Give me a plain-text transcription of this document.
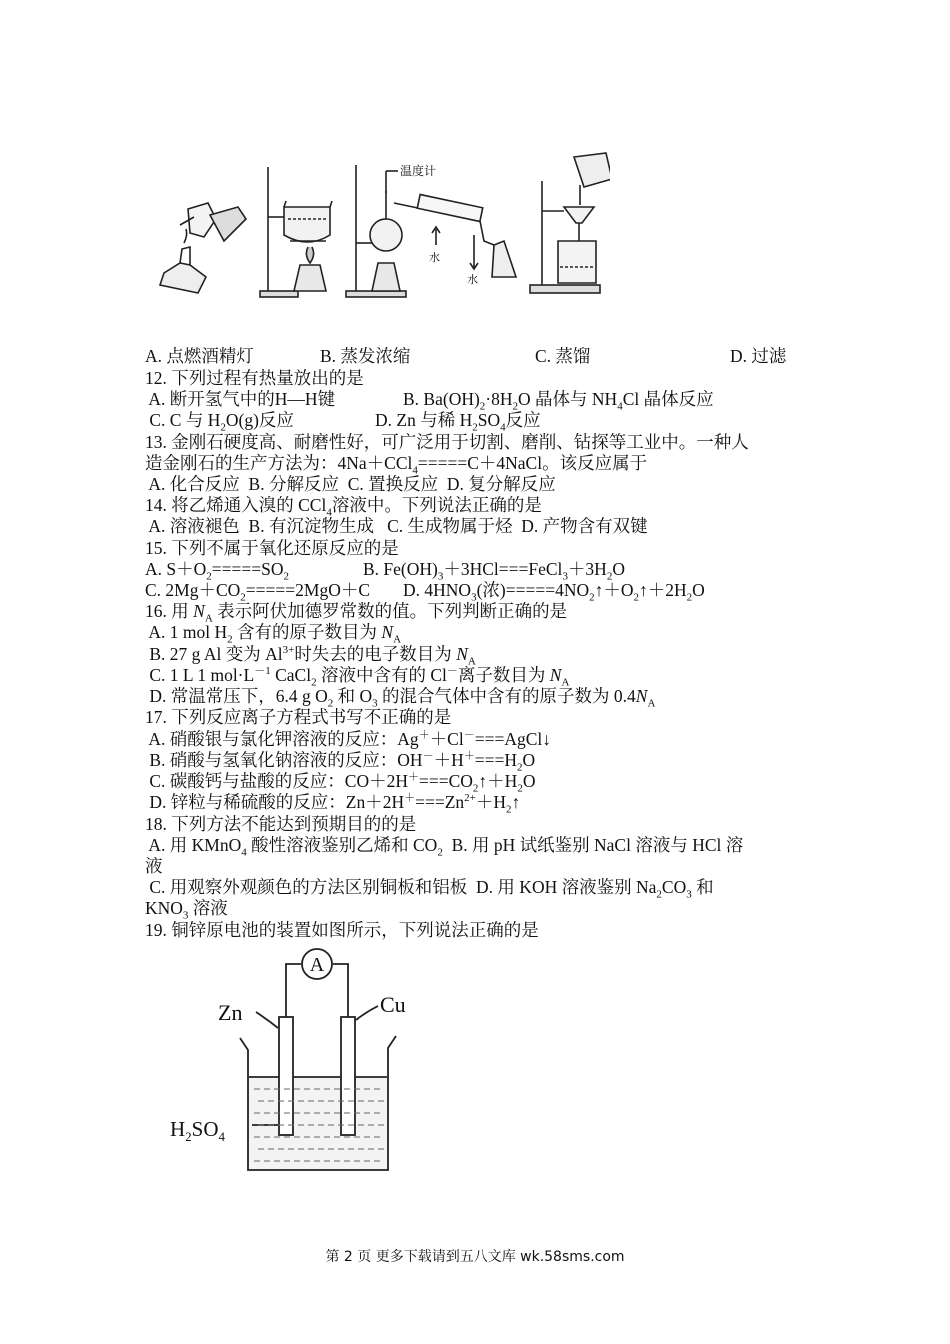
温度计
水
水
A. 点燃酒精灯	B. 蒸发浓缩	C. 蒸馏	D. 过滤
12. 下列过程有热量放出的是
A. 断开氢气中的H—H键	B. $Ba(OH)_2\cdot 8H_2O$ 晶体与 $NH_4Cl$ 晶体反应
C. C 与 $H_2O(g)$反应	D. Zn 与稀 $H_2SO_4$反应
13. 金刚石硬度高、耐磨性好，可广泛用于切割、磨削、钻探等工业中。一种人
造金刚石的生产方法为：4Na＋CCl$_4$=====C＋4NaCl。该反应属于
A. 化合反应  B. 分解反应  C. 置换反应  D. 复分解反应
14. 将乙烯通入溴的 CCl$_4$溶液中。下列说法正确的是
A. 溶液褪色  B. 有沉淀物生成   C. 生成物属于烃  D. 产物含有双键
15. 下列不属于氧化还原反应的是
A. $S+O_2=====SO_2$	B. $Fe(OH)_3+3HCl===FeCl_3+3H_2O$
C. $2Mg+CO_2=====2MgO+C$ D. $4HNO_3$(浓)$=====4NO_2↑+O_2↑+2H_2O$
16. 用 $N_A$ 表示阿伏加德罗常数的值。下列判断正确的是
A. 1 mol $H_2$ 含有的原子数目为 $N_A$
B. 27 g Al 变为 $Al^{3+}$时失去的电子数目为 $N_A$
C. 1 L 1 $mol\cdot L^{-1}$ CaCl$_2$ 溶液中含有的 Cl－离子数目为 $N_A$
D. 常温常压下，6.4 g $O_2$ 和 $O_3$ 的混合气体中含有的原子数为 $0.4N_A$
17. 下列反应离子方程式书写不正确的是
A. 硝酸银与氯化钾溶液的反应：Ag＋＋Cl－===AgCl↓
B. 硝酸与氢氧化钠溶液的反应：$OH^-+H^+===H_2O$
C. 碳酸钙与盐酸的反应：$CO+2H^+===CO_2↑+H_2O$
D. 锌粒与稀硫酸的反应：$Zn+2H^+===Zn^{2+}+H_2↑$
18. 下列方法不能达到预期目的的是
A. 用 KMnO$_4$ 酸性溶液鉴别乙烯和 $CO_2$  B. 用 pH 试纸鉴别 NaCl 溶液与 HCl 溶
液
C. 用观察外观颜色的方法区别铜板和铝板  D. 用 KOH 溶液鉴别 $Na_2CO_3$ 和
$KNO_3$ 溶液
19. 铜锌原电池的装置如图所示，下列说法正确的是
A
Zn	Cu
$H_2SO_4$
第 2 页 更多下载请到五八文库 wk.58sms.com
